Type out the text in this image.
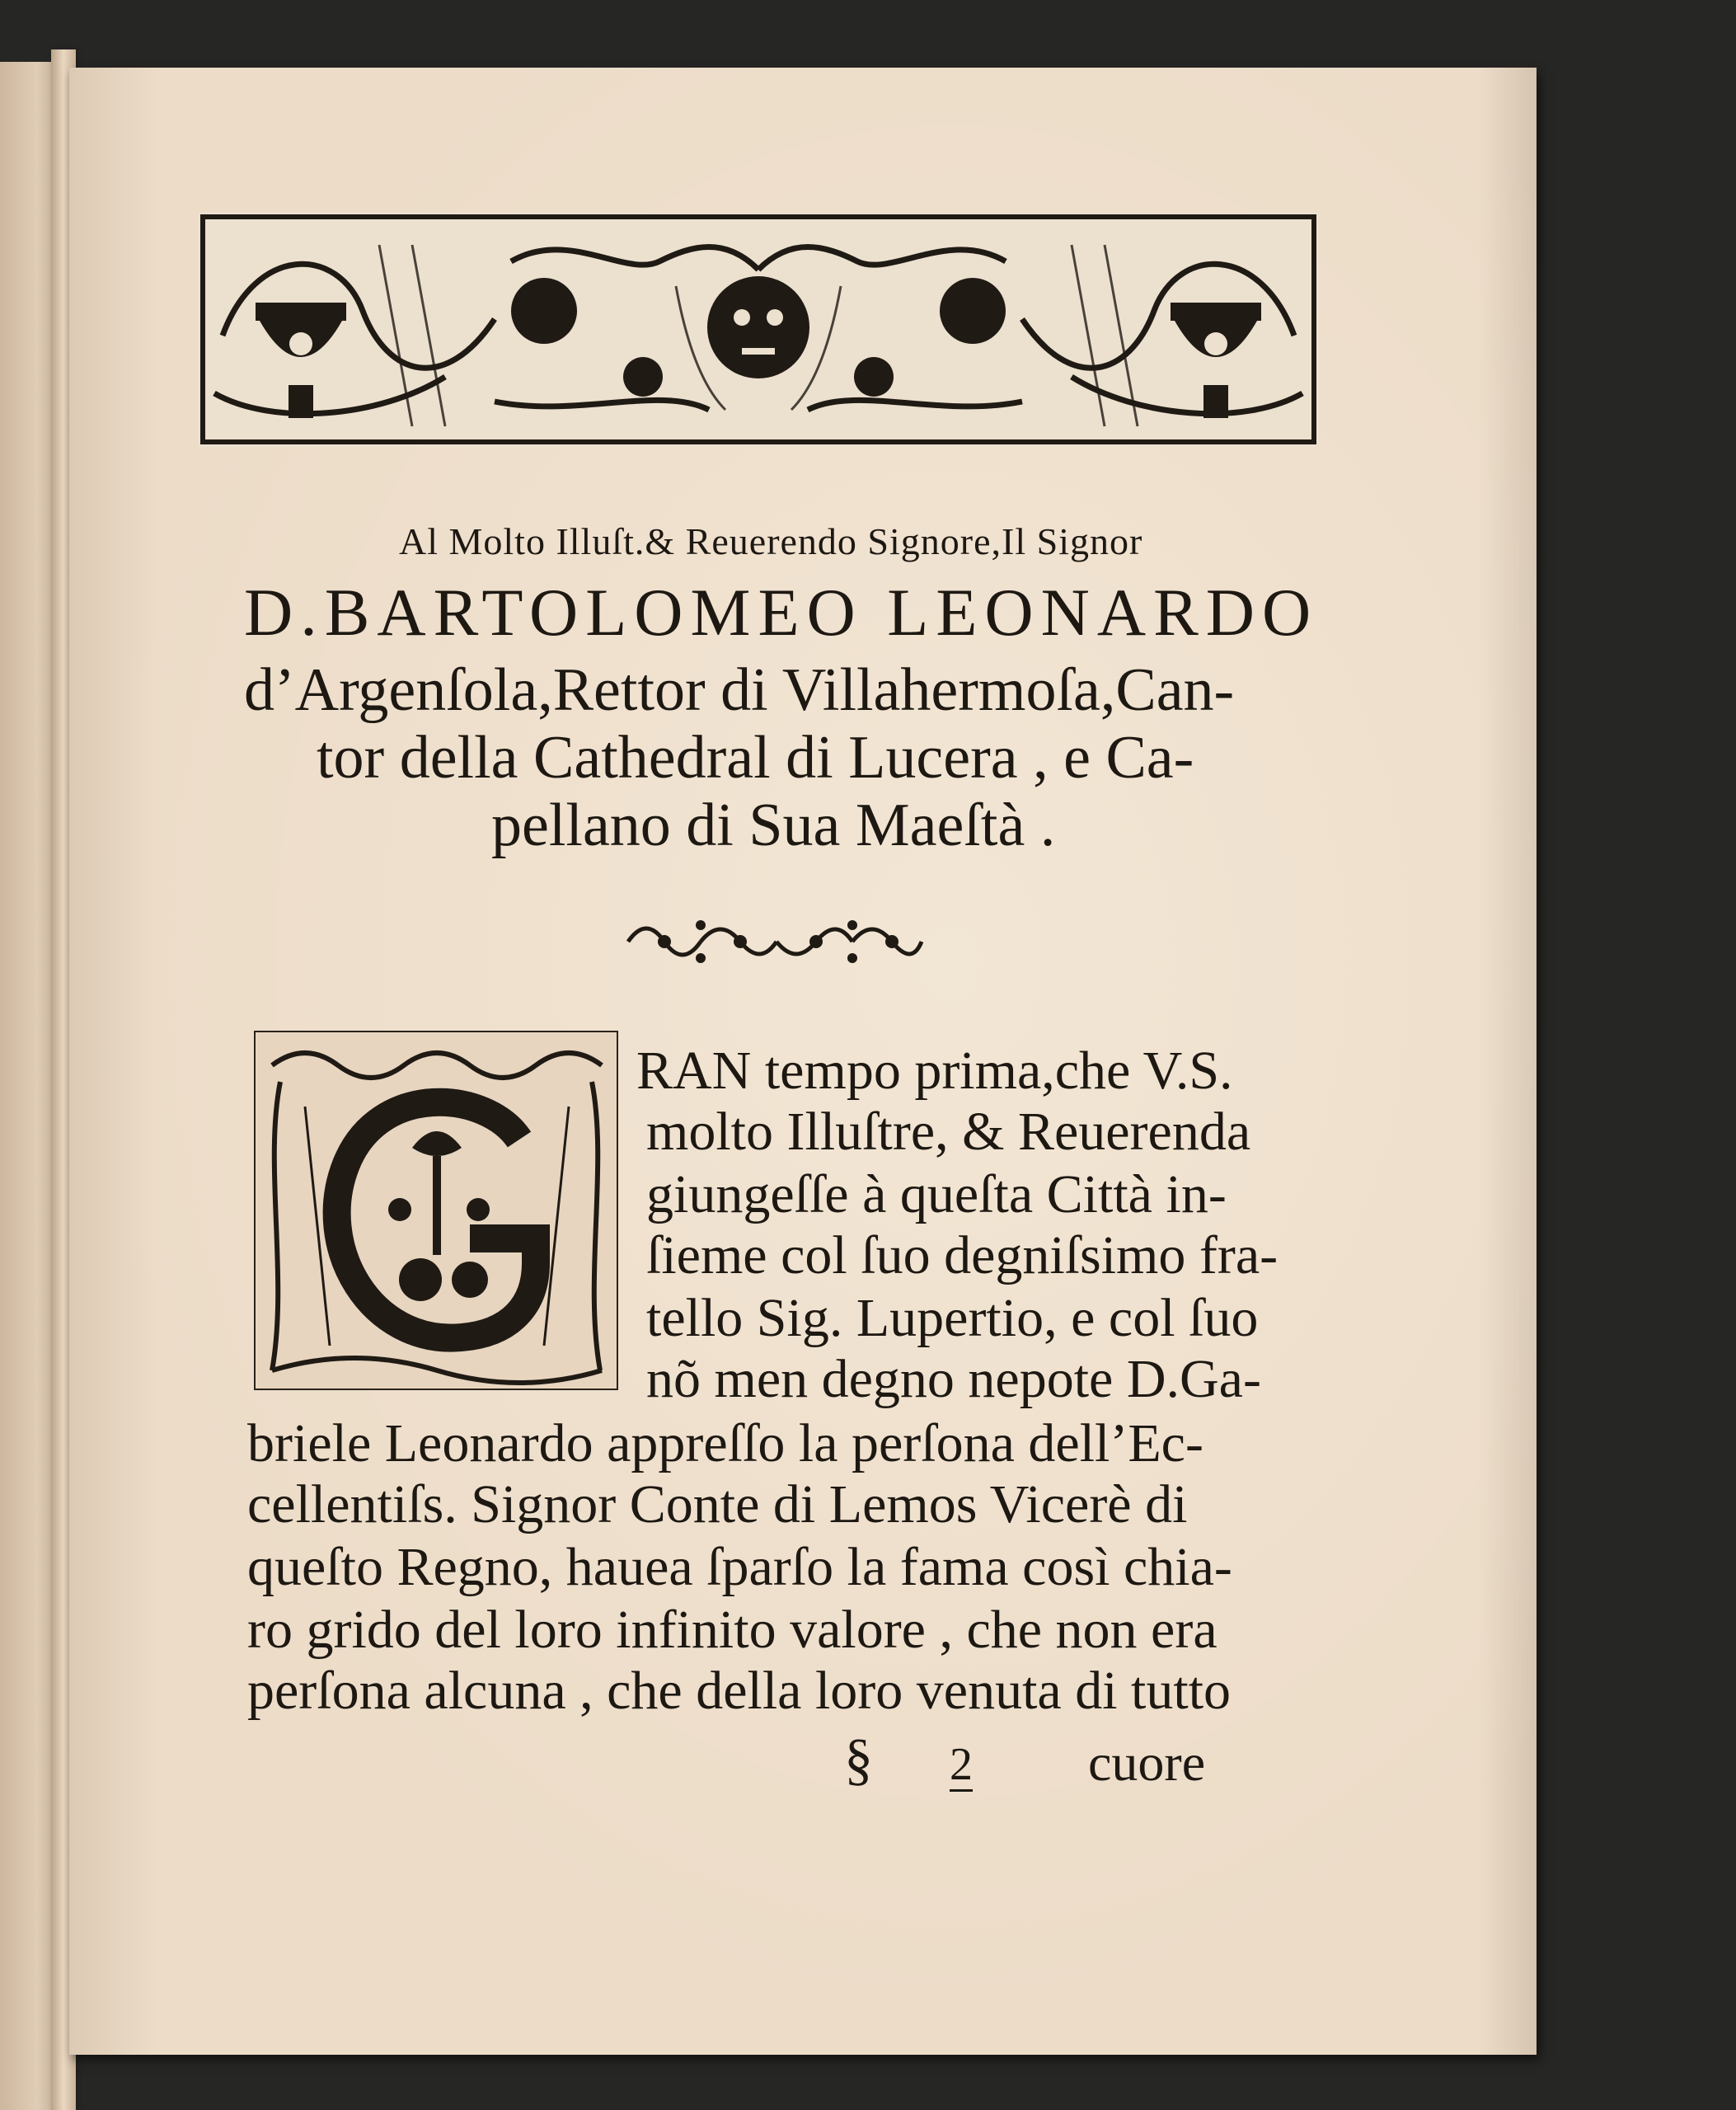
Al Molto Illuſt.& Reuerendo Signore,Il Signor
D.BARTOLOMEO LEONARDO
d’Argenſola,Rettor di Villahermoſa,Can-
tor della Cathedral di Lucera , e Ca-
pellano di Sua Maeſtà .
RAN tempo prima,che V.S.
molto Illuſtre, & Reuerenda
giungeſſe à queſta Città in-
ſieme col ſuo degniſsimo fra-
tello Sig. Lupertio, e col ſuo
nõ men degno nepote D.Ga-
briele Leonardo appreſſo la perſona dell’Ec-
cellentiſs. Signor Conte di Lemos Vicerè di
queſto Regno, hauea ſparſo la fama così chia-
ro grido del loro infinito valore , che non era
perſona alcuna , che della loro venuta di tutto
§ 2 cuore
